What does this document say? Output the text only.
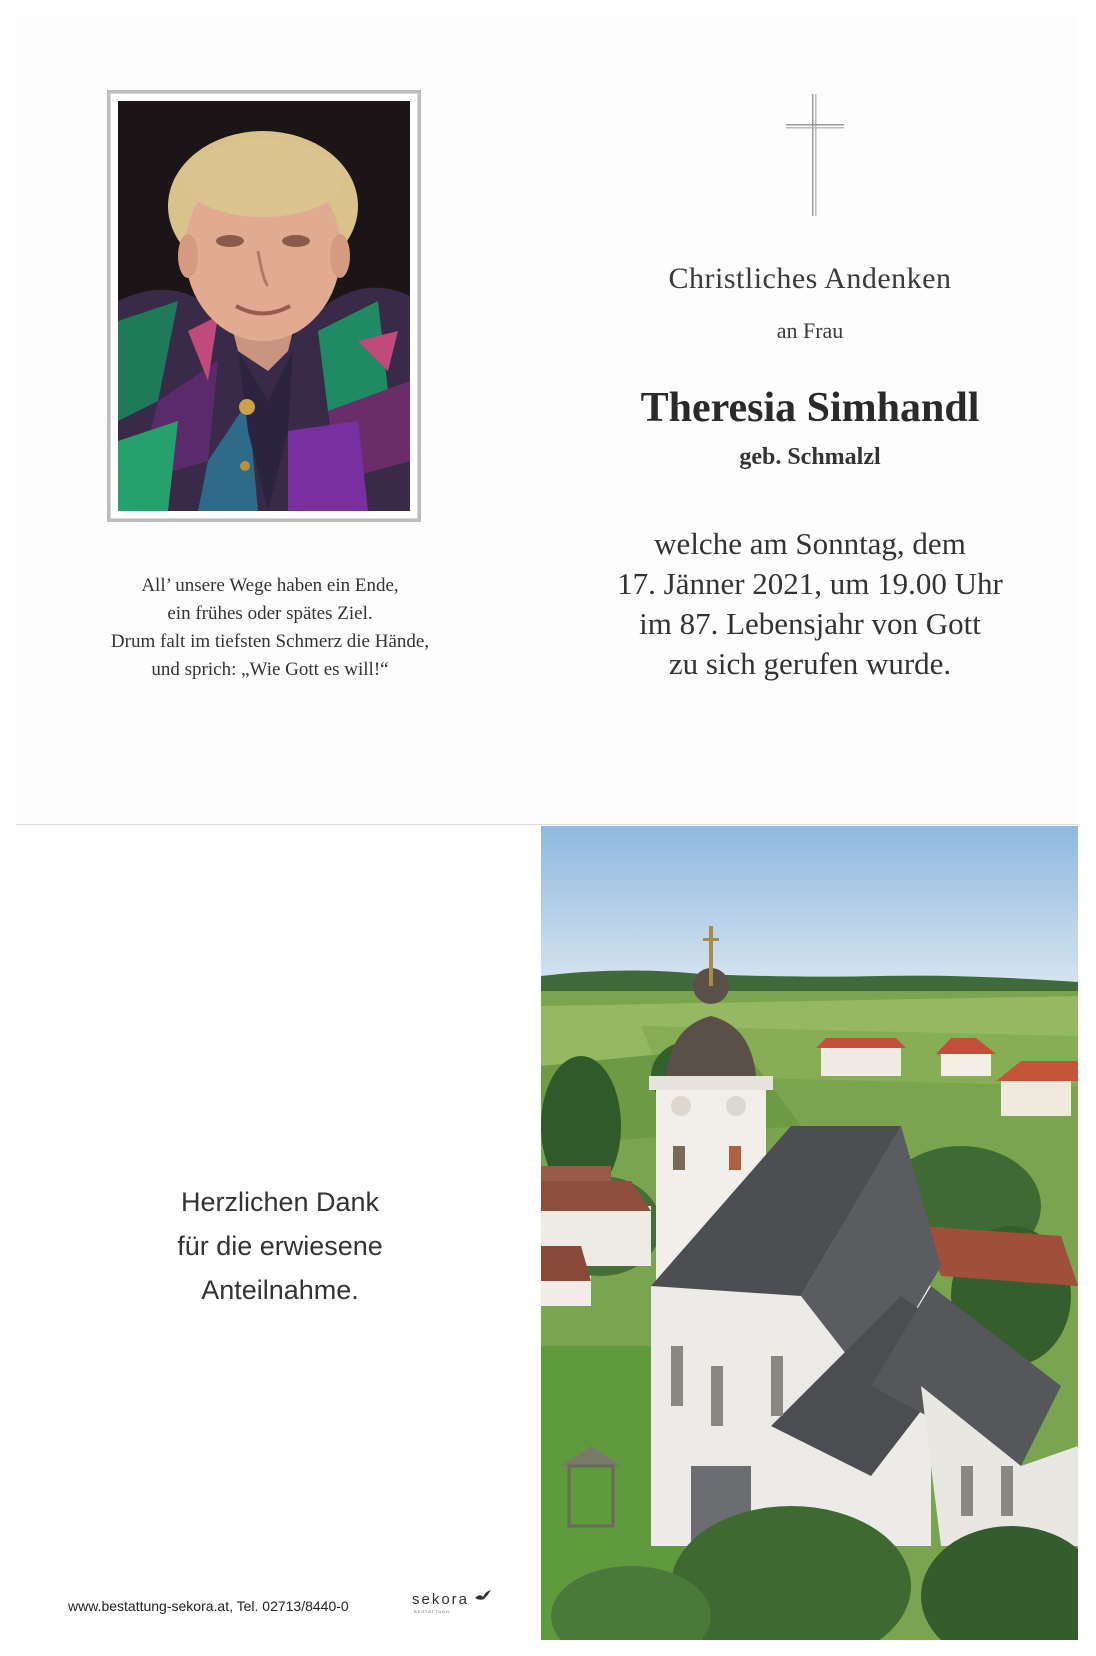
All’ unsere Wege haben ein Ende,
ein frühes oder spätes Ziel.
Drum falt im tiefsten Schmerz die Hände,
und sprich: „Wie Gott es will!“
Christliches Andenken
an Frau
Theresia Simhandl
geb. Schmalzl
welche am Sonntag, dem
17. Jänner 2021, um 19.00 Uhr
im 87. Lebensjahr von Gott
zu sich gerufen wurde.
Herzlichen Dank
für die erwiesene
Anteilnahme.
www.bestattung-sekora.at, Tel. 02713/8440-0	sekora
BESTATTUNG
